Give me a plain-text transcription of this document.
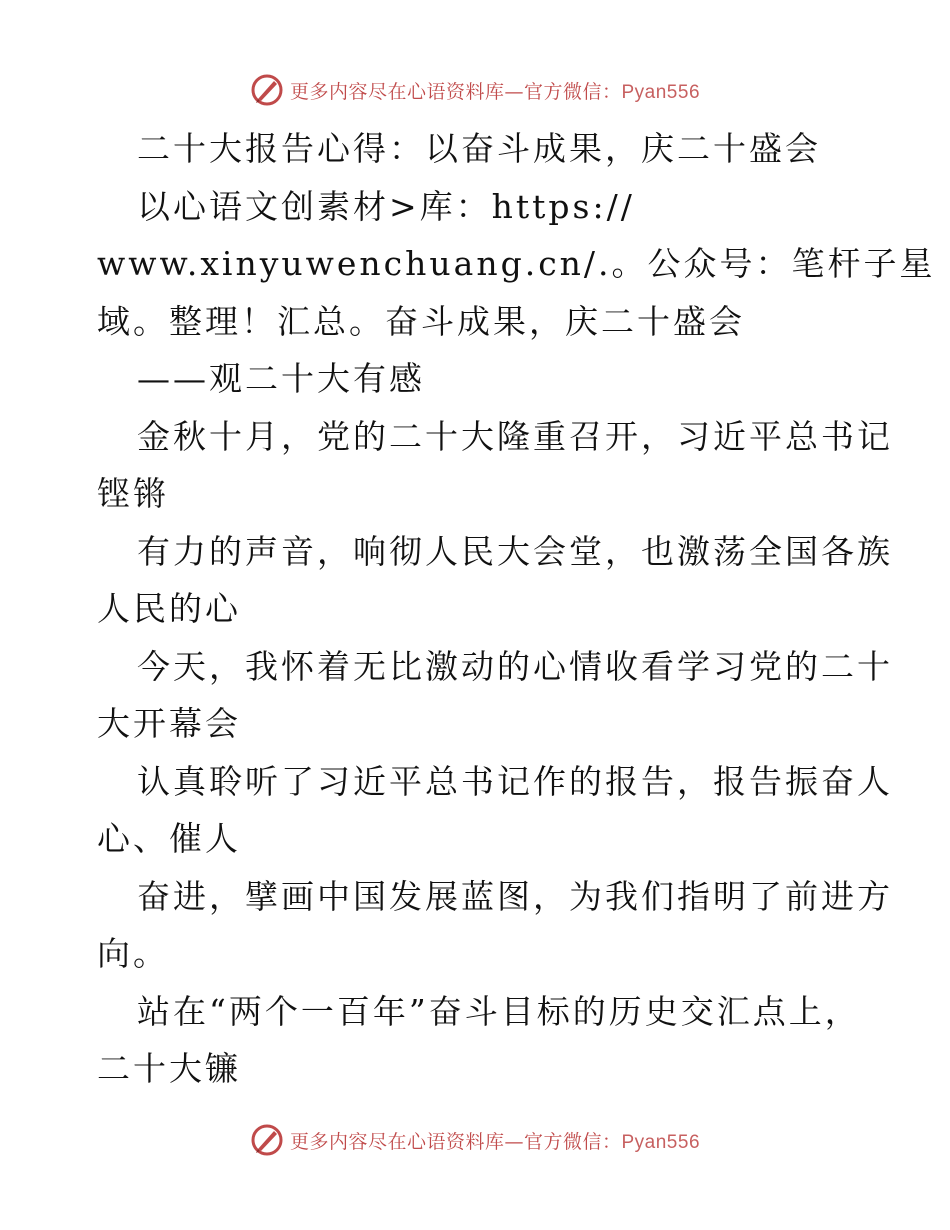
更多内容尽在心语资料库—官方微信：Pyan556
二十大报告心得：以奋斗成果，庆二十盛会
以心语文创素材>库：https://
www.xinyuwenchuang.cn/.。公众号：笔杆子星
域。整理！汇总。奋斗成果，庆二十盛会
——观二十大有感
金秋十月，党的二十大隆重召开，习近平总书记
铿锵
有力的声音，响彻人民大会堂，也激荡全国各族
人民的心
今天，我怀着无比激动的心情收看学习党的二十
大开幕会
认真聆听了习近平总书记作的报告，报告振奋人
心、催人
奋进，擘画中国发展蓝图，为我们指明了前进方
向。
站在“两个一百年”奋斗目标的历史交汇点上，
二十大镰
更多内容尽在心语资料库—官方微信：Pyan556
